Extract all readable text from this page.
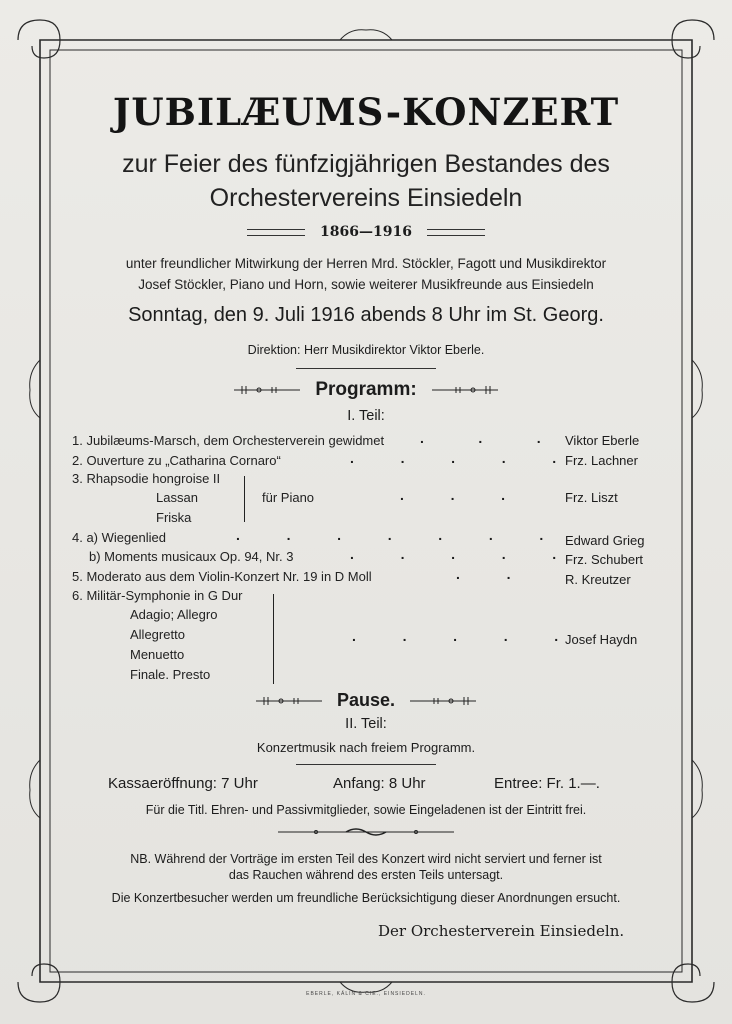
JUBILÆUMS-KONZERT
zur Feier des fünfzigjährigen Bestandes des
Orchestervereins Einsiedeln
1866—1916
unter freundlicher Mitwirkung der Herren Mrd. Stöckler, Fagott und Musikdirektor
Josef Stöckler, Piano und Horn, sowie weiterer Musikfreunde aus Einsiedeln
Sonntag, den 9. Juli 1916 abends 8 Uhr im St. Georg.
Direktion: Herr Musikdirektor Viktor Eberle.
Programm:
I. Teil:
1. Jubilæums-Marsch, dem Orchesterverein gewidmet	.              .              . Viktor Eberle
2. Ouverture zu „Catharina Cornaro“	.            .            .            .            . Frz. Lachner
3. Rhapsodie hongroise II
Lassan
Friska
für Piano	.            .            .	Frz. Liszt
4. a) Wiegenlied	.            .            .            .            .            .            . Edward Grieg
b) Moments musicaux Op. 94, Nr. 3	.            .            .            .            . Frz. Schubert
5. Moderato aus dem Violin-Konzert Nr. 19 in D Moll	.            .	R. Kreutzer
6. Militär-Symphonie in G Dur
Adagio; Allegro
Allegretto
Menuetto
Finale. Presto
.            .            .            .            . Josef Haydn
Pause.
II. Teil:
Konzertmusik nach freiem Programm.
Kassaeröffnung: 7 Uhr	Anfang: 8 Uhr	Entree: Fr. 1.—.
Für die Titl. Ehren- und Passivmitglieder, sowie Eingeladenen ist der Eintritt frei.
NB. Während der Vorträge im ersten Teil des Konzert wird nicht serviert und ferner ist
das Rauchen während des ersten Teils untersagt.
Die Konzertbesucher werden um freundliche Berücksichtigung dieser Anordnungen ersucht.
Der Orchesterverein Einsiedeln.
EBERLE, KÄLIN & CIE., EINSIEDELN.
